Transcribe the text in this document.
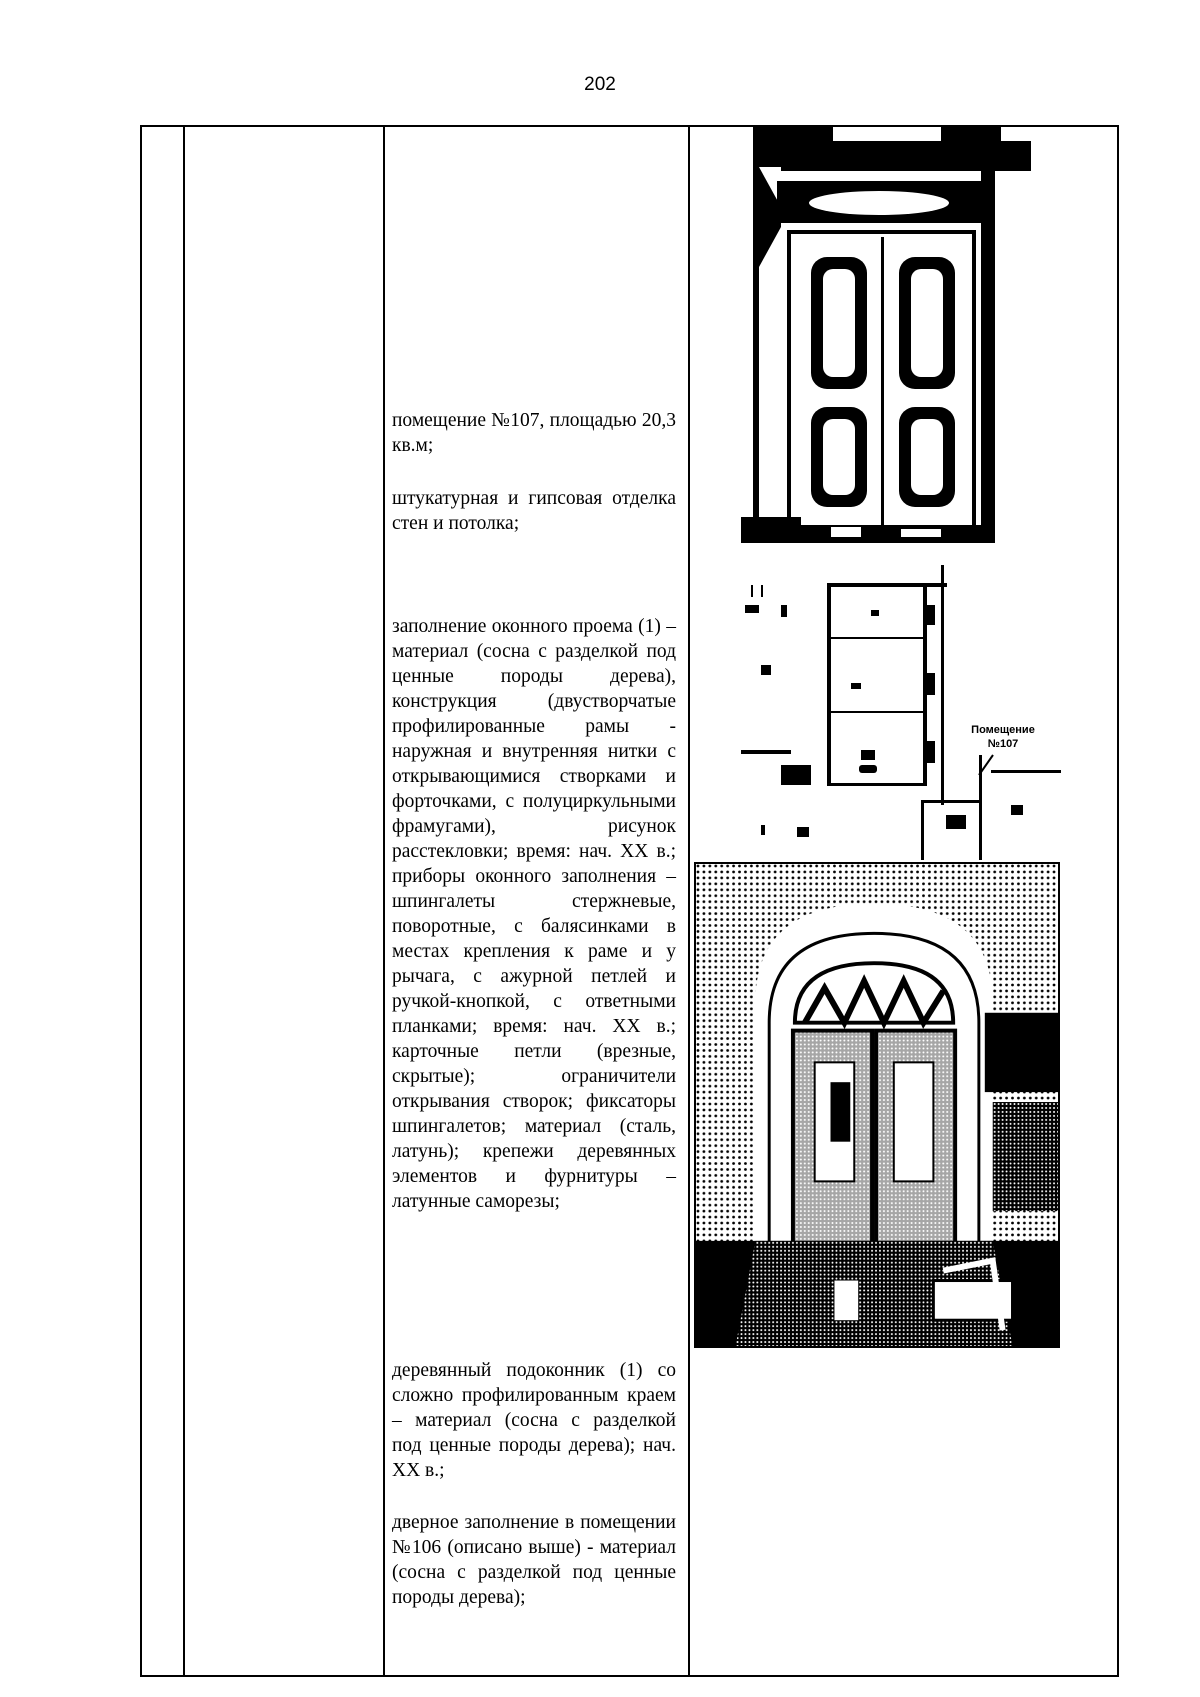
202
помещение №107, площадью 20,3 кв.м;
штукатурная и гипсовая отделка стен и потолка;
заполнение оконного проема (1) – материал (сосна с разделкой под ценные породы дерева), конструкция (двустворчатые профилированные рамы - наружная и внутренняя нитки с открывающимися створками и форточками, с полуциркульными фрамугами), рисунок расстекловки; время: нач. XX в.; приборы оконного заполнения – шпингалеты стержневые, поворотные, с балясинками в местах крепления к раме и у рычага, с ажурной петлей и ручкой-кнопкой, с ответными планками; время: нач. XX в.; карточные петли (врезные, скрытые); ограничители открывания створок; фиксаторы шпингалетов; материал (сталь, латунь); крепежи деревянных элементов и фурнитуры – латунные саморезы;
деревянный подоконник (1) со сложно профилированным краем – материал (сосна с разделкой под ценные породы дерева); нач. XX в.;
дверное заполнение в помещении №106 (описано выше) - материал (сосна с разделкой под ценные породы дерева);
Помещение
№107
